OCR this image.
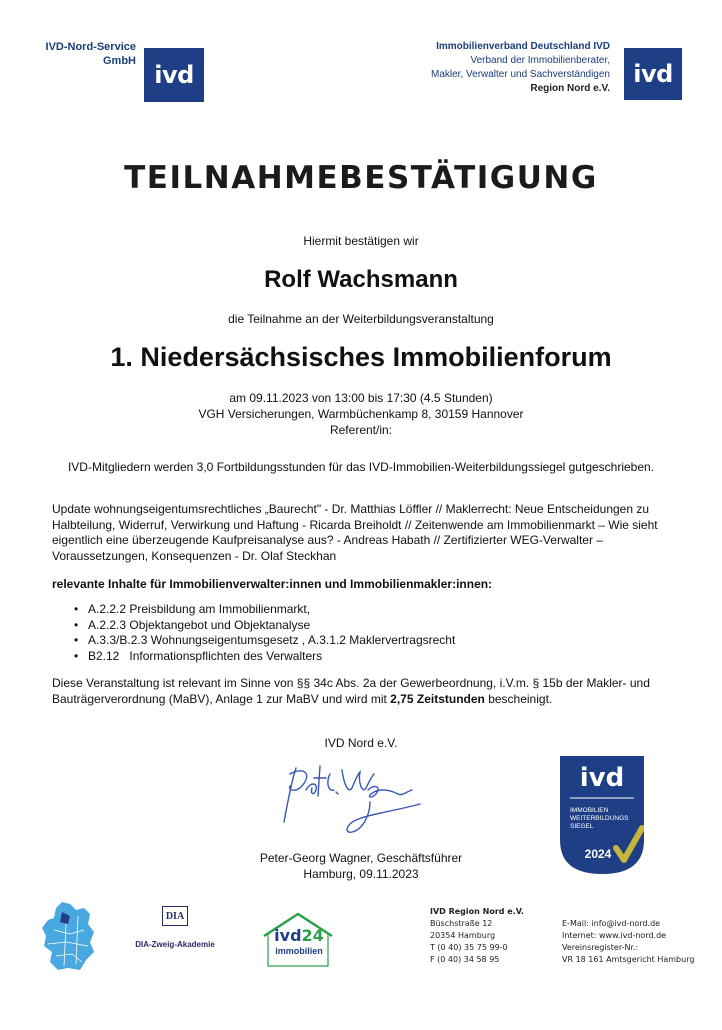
IVD-Nord-Service
GmbH ivd
Immobilienverband Deutschland IVD
Verband der Immobilienberater,
Makler, Verwalter und Sachverständigen
Region Nord e.V.
ivd
TEILNAHMEBESTÄTIGUNG
Hiermit bestätigen wir
Rolf Wachsmann
die Teilnahme an der Weiterbildungsveranstaltung
1. Niedersächsisches Immobilienforum
am 09.11.2023 von 13:00 bis 17:30 (4.5 Stunden)
VGH Versicherungen, Warmbüchenkamp 8, 30159 Hannover
Referent/in:
IVD-Mitgliedern werden 3,0 Fortbildungsstunden für das IVD-Immobilien-Weiterbildungssiegel gutgeschrieben.
Update wohnungseigentumsrechtliches „Baurecht" - Dr. Matthias Löffler // Maklerrecht: Neue Entscheidungen zu Halbteilung, Widerruf, Verwirkung und Haftung - Ricarda Breiholdt // Zeitenwende am Immobilienmarkt – Wie sieht eigentlich eine überzeugende Kaufpreisanalyse aus? - Andreas Habath // Zertifizierter WEG-Verwalter – Voraussetzungen, Konsequenzen - Dr. Olaf Steckhan
relevante Inhalte für Immobilienverwalter:innen und Immobilienmakler:innen:
• A.2.2.2 Preisbildung am Immobilienmarkt,
• A.2.2.3 Objektangebot und Objektanalyse
• A.3.3/B.2.3 Wohnungseigentumsgesetz , A.3.1.2 Maklervertragsrecht
• B2.12   Informationspflichten des Verwalters
Diese Veranstaltung ist relevant im Sinne von §§ 34c Abs. 2a der Gewerbeordnung, i.V.m. § 15b der Makler- und Bauträgerverordnung (MaBV), Anlage 1 zur MaBV und wird mit 2,75 Zeitstunden bescheinigt.
IVD Nord e.V.
Peter-Georg Wagner, Geschäftsführer
Hamburg, 09.11.2023
ivd
IMMOBILIEN
WEITERBILDUNGS
SIEGEL
2024
DIA

DIA-Zweig-Akademie	ivd24
immobilien
IVD Region Nord e.V.
Büschstraße 12
20354 Hamburg
T (0 40) 35 75 99-0
F (0 40) 34 58 95
E-Mail: info@ivd-nord.de
Internet: www.ivd-nord.de
Vereinsregister-Nr.:
VR 18 161 Amtsgericht Hamburg
